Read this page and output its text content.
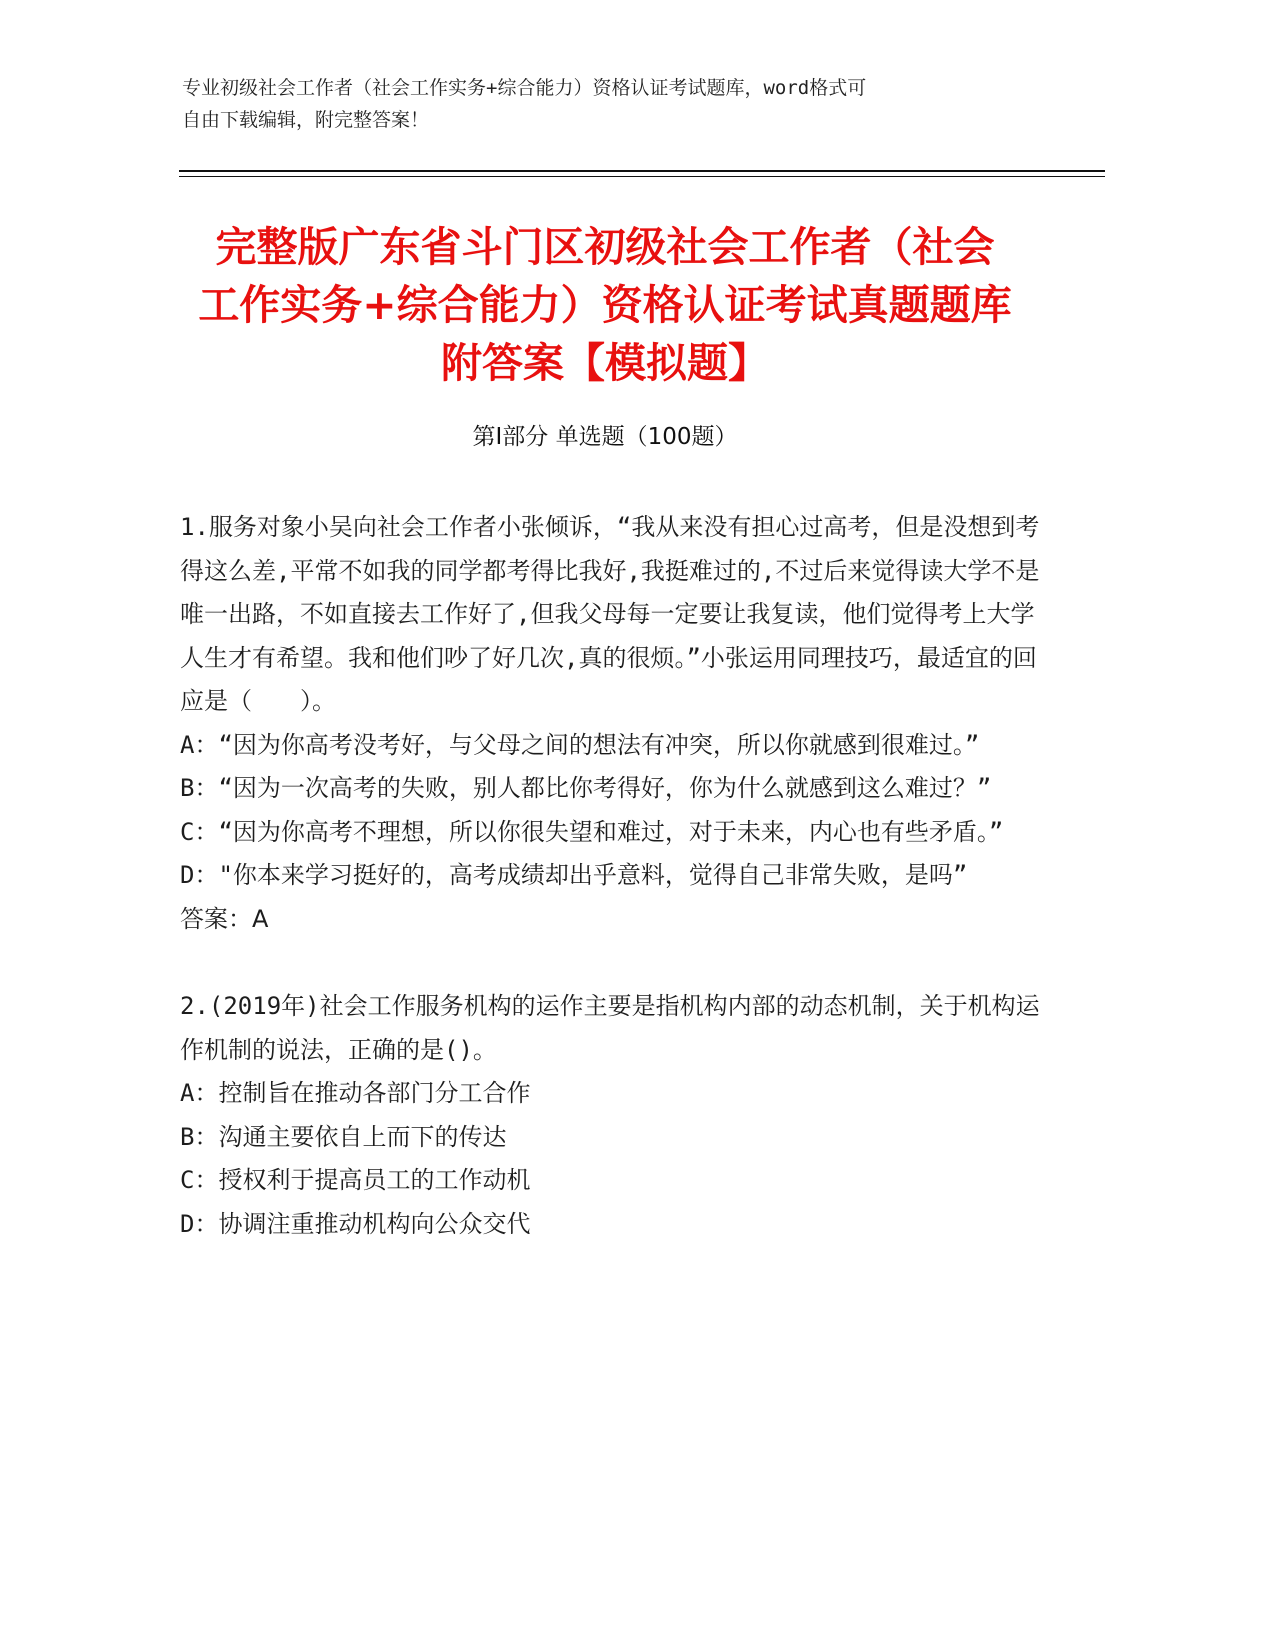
专业初级社会工作者（社会工作实务+综合能力）资格认证考试题库，word格式可

自由下载编辑，附完整答案！

完整版广东省斗门区初级社会工作者（社会

工作实务+综合能力）资格认证考试真题题库

附答案【模拟题】

第Ⅰ部分 单选题（100题）

1.服务对象小吴向社会工作者小张倾诉，“我从来没有担心过高考，但是没想到考得这么差,平常不如我的同学都考得比我好,我挺难过的,不过后来觉得读大学不是唯一出路，不如直接去工作好了,但我父母每一定要让我复读，他们觉得考上大学人生才有希望。我和他们吵了好几次,真的很烦。”小张运用同理技巧，最适宜的回应是（　　）。

A：“因为你高考没考好，与父母之间的想法有冲突，所以你就感到很难过。”

B：“因为一次高考的失败，别人都比你考得好，你为什么就感到这么难过？”

C：“因为你高考不理想，所以你很失望和难过，对于未来，内心也有些矛盾。”

D："你本来学习挺好的，高考成绩却出乎意料，觉得自己非常失败，是吗”

答案：A

2.(2019年)社会工作服务机构的运作主要是指机构内部的动态机制，关于机构运作机制的说法，正确的是()。

A：控制旨在推动各部门分工合作

B：沟通主要依自上而下的传达

C：授权利于提高员工的工作动机

D：协调注重推动机构向公众交代
